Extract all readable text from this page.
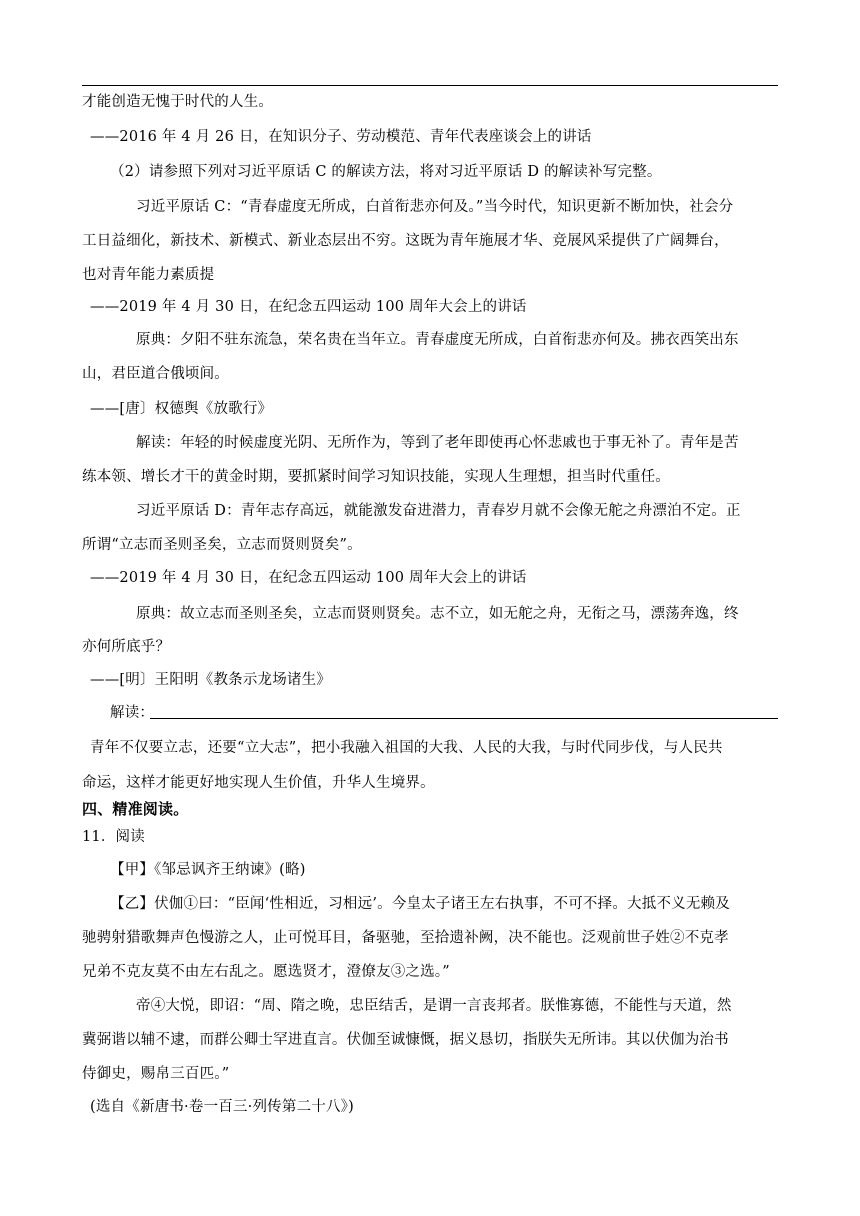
才能创造无愧于时代的人生。
——2016 年 4 月 26 日，在知识分子、劳动模范、青年代表座谈会上的讲话
（2）请参照下列对习近平原话 C 的解读方法，将对习近平原话 D 的解读补写完整。
习近平原话 C：“青春虚度无所成，白首衔悲亦何及。”当今时代，知识更新不断加快，社会分
工日益细化，新技术、新模式、新业态层出不穷。这既为青年施展才华、竞展风采提供了广阔舞台，
也对青年能力素质提
——2019 年 4 月 30 日，在纪念五四运动 100 周年大会上的讲话
原典：夕阳不驻东流急，荣名贵在当年立。青春虚度无所成，白首衔悲亦何及。拂衣西笑出东
山，君臣道合俄顷间。
——[唐〕权德舆《放歌行》
解读：年轻的时候虚度光阴、无所作为，等到了老年即使再心怀悲戚也于事无补了。青年是苦
练本领、增长才干的黄金时期，要抓紧时间学习知识技能，实现人生理想，担当时代重任。
习近平原话 D：青年志存高远，就能激发奋进潜力，青春岁月就不会像无舵之舟漂泊不定。正
所谓“立志而圣则圣矣，立志而贤则贤矣”。
——2019 年 4 月 30 日，在纪念五四运动 100 周年大会上的讲话
原典：故立志而圣则圣矣，立志而贤则贤矣。志不立，如无舵之舟，无衔之马，漂荡奔逸，终
亦何所底乎？
——[明〕王阳明《教条示龙场诸生》
解读：
青年不仅要立志，还要“立大志”，把小我融入祖国的大我、人民的大我，与时代同步伐，与人民共
命运，这样才能更好地实现人生价值，升华人生境界。
四、精准阅读。
11．阅读
【甲】《邹忌讽齐王纳谏》(略)
【乙】伏伽①曰：“臣闻‘性相近，习相远’。今皇太子诸王左右执事，不可不择。大抵不义无赖及
驰骋射猎歌舞声色慢游之人，止可悦耳目，备驱驰，至拾遗补阙，决不能也。泛观前世子姓②不克孝
兄弟不克友莫不由左右乱之。愿选贤才，澄僚友③之选。”
帝④大悦，即诏：“周、隋之晚，忠臣结舌，是谓一言丧邦者。朕惟寡德，不能性与天道，然
冀弼谐以辅不逮，而群公卿士罕进直言。伏伽至诚慷慨，据义恳切，指朕失无所讳。其以伏伽为治书
侍御史，赐帛三百匹。”
(选自《新唐书·卷一百三·列传第二十八》)
